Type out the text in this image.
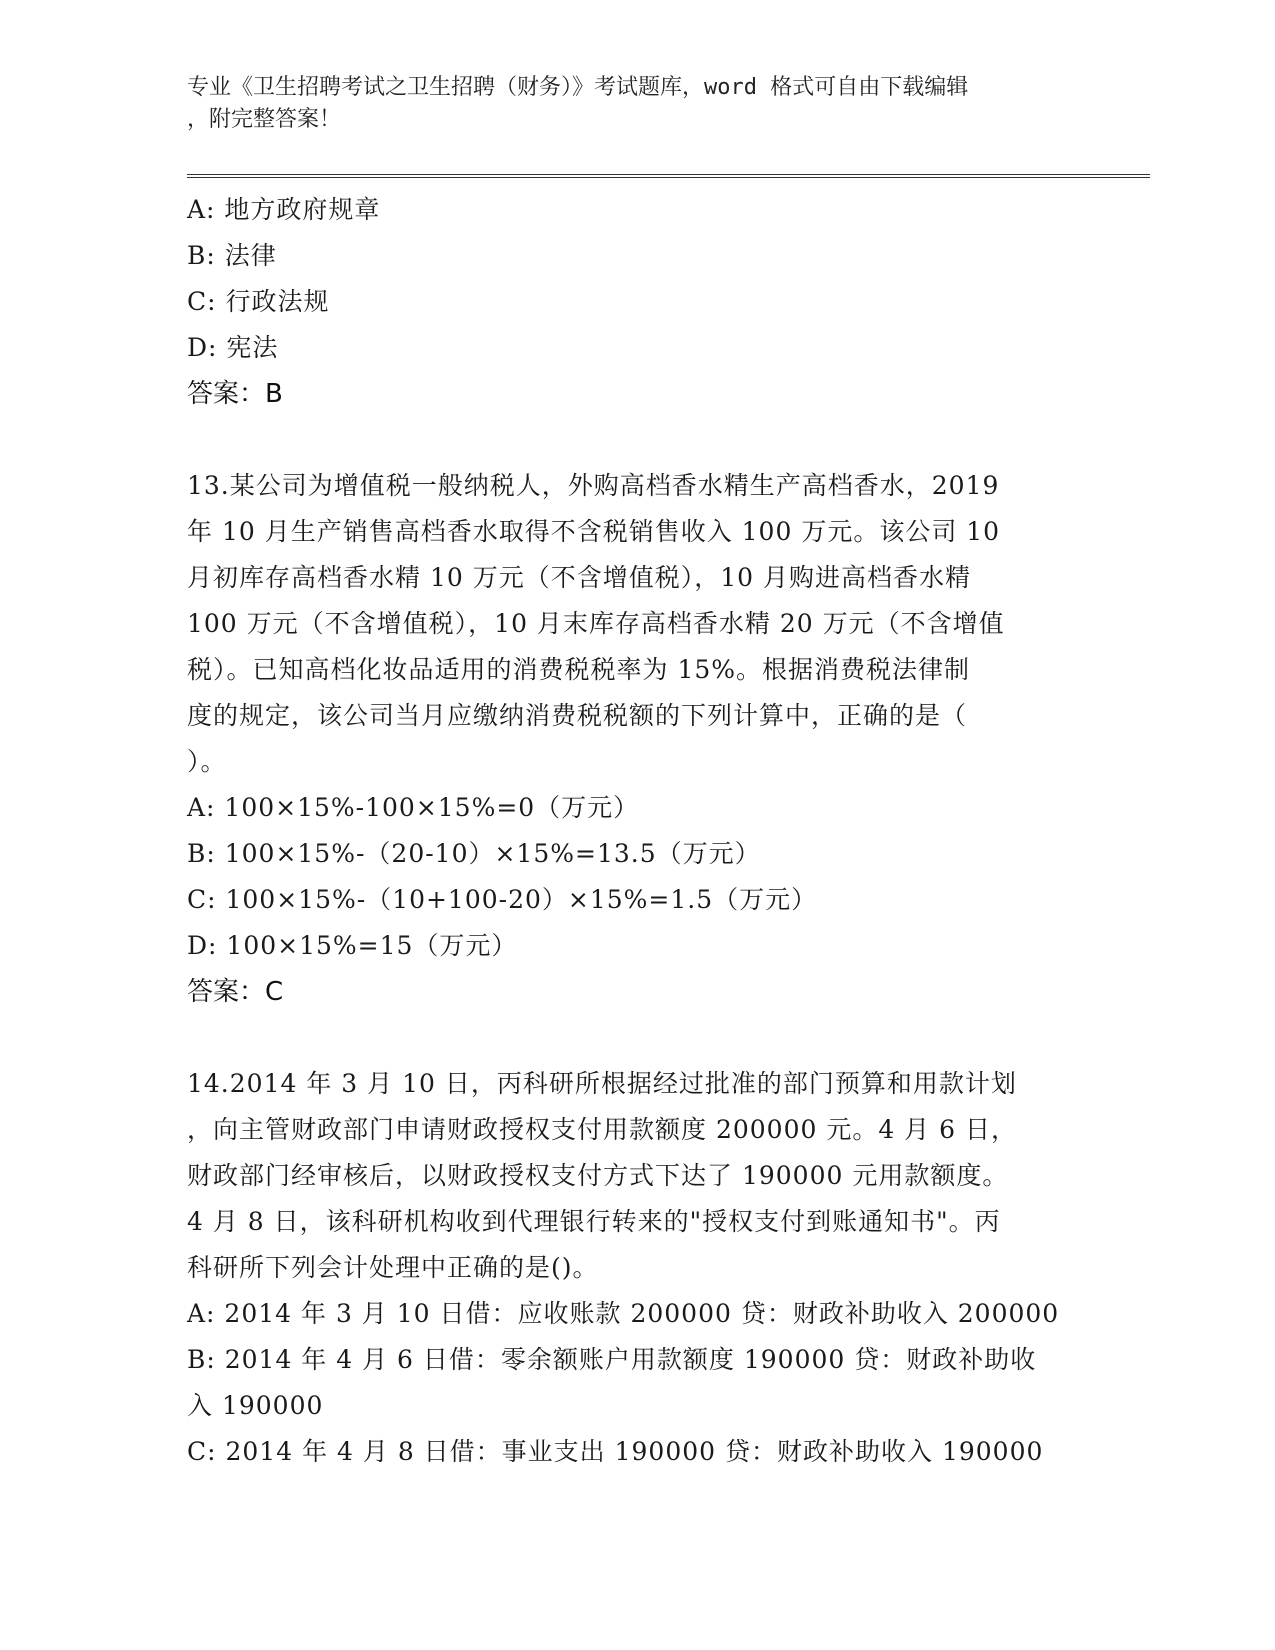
专业《卫生招聘考试之卫生招聘（财务）》考试题库，word 格式可自由下载编辑
，附完整答案！
A: 地方政府规章
B: 法律
C: 行政法规
D: 宪法
答案：B
13.某公司为增值税一般纳税人，外购高档香水精生产高档香水，2019
年 10 月生产销售高档香水取得不含税销售收入 100 万元。该公司 10
月初库存高档香水精 10 万元（不含增值税），10 月购进高档香水精
100 万元（不含增值税），10 月末库存高档香水精 20 万元（不含增值
税）。已知高档化妆品适用的消费税税率为 15%。根据消费税法律制
度的规定，该公司当月应缴纳消费税税额的下列计算中，正确的是（
）。
A: 100×15%-100×15%=0（万元）
B: 100×15%-（20-10）×15%=13.5（万元）
C: 100×15%-（10+100-20）×15%=1.5（万元）
D: 100×15%=15（万元）
答案：C
14.2014 年 3 月 10 日，丙科研所根据经过批准的部门预算和用款计划
，向主管财政部门申请财政授权支付用款额度 200000 元。4 月 6 日，
财政部门经审核后，以财政授权支付方式下达了 190000 元用款额度。
4 月 8 日，该科研机构收到代理银行转来的"授权支付到账通知书"。丙
科研所下列会计处理中正确的是()。
A: 2014 年 3 月 10 日借：应收账款 200000 贷：财政补助收入 200000
B: 2014 年 4 月 6 日借：零余额账户用款额度 190000 贷：财政补助收
入 190000
C: 2014 年 4 月 8 日借：事业支出 190000 贷：财政补助收入 190000
